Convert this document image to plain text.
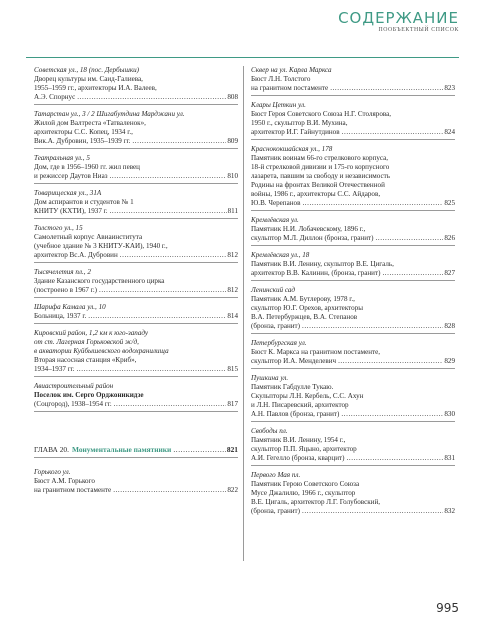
СОДЕРЖАНИЕ
ПООБЪЕКТНЫЙ СПИСОК
Советская ул., 18 (пос. Дербышки)
Дворец культуры им. Саид-Галиева,
1955–1959 гг., архитекторы И.А. Валеев,
А.Э. Спорнус .....	808
Татарстан ул., 3 / 2 Шигабутдина Марджани ул.
Жилой дом Валтреста «Татваленок»,
архитекторы С.С. Копец, 1934 г.,
Вик.А. Дубровин, 1935–1939 гг. .....	809
Театральная ул., 5
Дом, где в 1956–1960 гг. жил певец
и режиссер Даутов Ниаз .....	810
Товарищеская ул., 31А
Дом аспирантов и студентов № 1
КНИТУ (КХТИ), 1937 г. .....	811
Толстого ул., 15
Самолетный корпус Авиаинститута
(учебное здание № 3 КНИТУ-КАИ), 1940 г.,
архитектор Вс.А. Дубровин .....	812
Тысячелетия пл., 2
Здание Казанского государственного цирка
(построено в 1967 г.) .....	812
Шарифа Камала ул., 10
Больница, 1937 г. .....	814
Кировский район, 1,2 км к юго-западу
от ст. Лагерная Горьковской ж/д,
в акватории Куйбышевского водохранилища
Вторая насосная станция «Криб»,
1934–1937 гг. .....	815
Авиастроительный район
Поселок им. Серго Орджоникидзе
(Соцгород), 1938–1954 гг. .....	817
ГЛАВА 20. Монументальные памятники .....	821
Горького ул.
Бюст А.М. Горького
на гранитном постаменте .....	822
Сквер на ул. Карла Маркса
Бюст Л.Н. Толстого
на гранитном постаменте .....	823
Клары Цеткин ул.
Бюст Героя Советского Союза Н.Г. Столярова,
1950 г., скульптор В.И. Мухина,
архитектор И.Г. Гайнутдинов .....	824
Краснококшайская ул., 178
Памятник воинам 66-го стрелкового корпуса,
18-й стрелковой дивизии и 175-го корпусного
лазарета, павшим за свободу и независимость
Родины на фронтах Великой Отечественной
войны, 1986 г., архитекторы С.С. Айдаров,
Ю.В. Черепанов .....	825
Кремлёвская ул.
Памятник Н.И. Лобачевскому, 1896 г.,
скульптор М.Л. Диллон (бронза, гранит) .....	826
Кремлёвская ул., 18
Памятник В.И. Ленину, скульптор В.Е. Цигаль,
архитектор В.В. Калинин, (бронза, гранит) .....	827
Ленинский сад
Памятник А.М. Бутлерову, 1978 г.,
скульптор Ю.Г. Орехов, архитекторы
В.А. Петербуржцев, В.А. Степанов
(бронза, гранит) .....	828
Петербургская ул.
Бюст К. Маркса на гранитном постаменте,
скульптор И.А. Менделевич .....	829
Пушкина ул.
Памятник Габдулле Тукаю.
Скульпторы Л.Н. Кербель, С.С. Ахун
и Л.Н. Писаревский, архитектор
А.Н. Павлов (бронза, гранит) .....	830
Свободы пл.
Памятник В.И. Ленину, 1954 г.,
скульптор П.П. Яцыно, архитектор
А.И. Гегелло (бронза, кварцит) .....	831
Первого Мая пл.
Памятник Герою Советского Союза
Мусе Джалилю, 1966 г., скульптор
В.Е. Цигаль, архитектор Л.Г. Голубовский,
(бронза, гранит) .....	832
995
